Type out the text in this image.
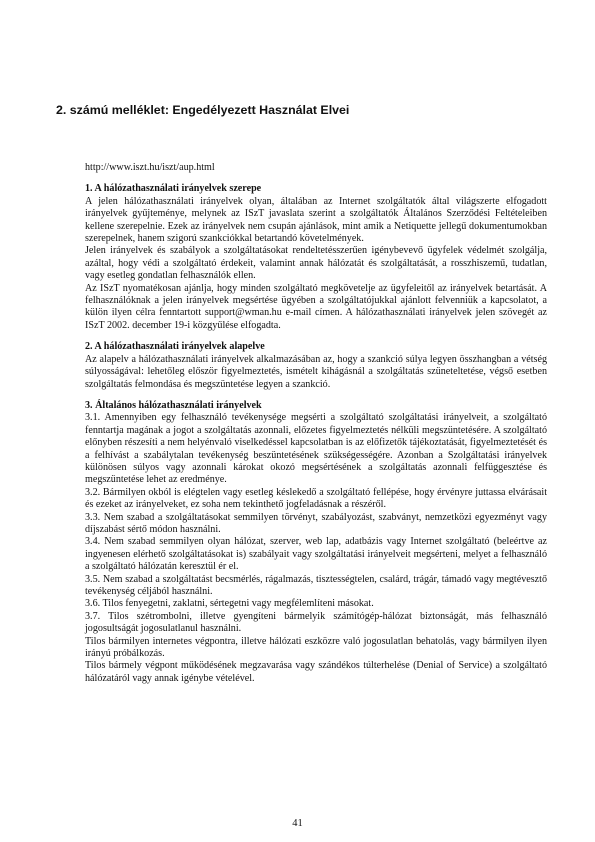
2. számú melléklet: Engedélyezett Használat Elvei

http://www.iszt.hu/iszt/aup.html

1. A hálózathasználati irányelvek szerepe

A jelen hálózathasználati irányelvek olyan, általában az Internet szolgáltatók által világszerte elfogadott irányelvek gyűjteménye, melynek az ISzT javaslata szerint a szolgáltatók Általános Szerződési Feltételeiben kellene szerepelnie. Ezek az irányelvek nem csupán ajánlások, mint amik a Netiquette jellegű dokumentumokban szerepelnek, hanem szigorú szankciókkal betartandó követelmények.

Jelen irányelvek és szabályok a szolgáltatásokat rendeltetésszerűen igénybevevő ügyfelek védelmét szolgálja, azáltal, hogy védi a szolgáltató érdekeit, valamint annak hálózatát és szolgáltatását, a rosszhiszemű, tudatlan, vagy esetleg gondatlan felhasználók ellen.

Az ISzT nyomatékosan ajánlja, hogy minden szolgáltató megkövetelje az ügyfeleitől az irányelvek betartását. A felhasználóknak a jelen irányelvek megsértése ügyében a szolgáltatójukkal ajánlott felvenniük a kapcsolatot, a külön ilyen célra fenntartott support@wman.hu e-mail címen. A hálózathasználati irányelvek jelen szövegét az ISzT 2002. december 19-i közgyűlése elfogadta.

2. A hálózathasználati irányelvek alapelve

Az alapelv a hálózathasználati irányelvek alkalmazásában az, hogy a szankció súlya legyen összhangban a vétség súlyosságával: lehetőleg először figyelmeztetés, ismételt kihágásnál a szolgáltatás szüneteltetése, végső esetben szolgáltatás felmondása és megszüntetése legyen a szankció.

3. Általános hálózathasználati irányelvek

3.1. Amennyiben egy felhasználó tevékenysége megsérti a szolgáltató szolgáltatási irányelveit, a szolgáltató fenntartja magának a jogot a szolgáltatás azonnali, előzetes figyelmeztetés nélküli megszüntetésére. A szolgáltató előnyben részesíti a nem helyénvaló viselkedéssel kapcsolatban is az előfizetők tájékoztatását, figyelmeztetését és a felhívást a szabálytalan tevékenység beszüntetésének szükségességére. Azonban a Szolgáltatási irányelvek különösen súlyos vagy azonnali károkat okozó megsértésének a szolgáltatás azonnali felfüggesztése és megszüntetése lehet az eredménye.

3.2. Bármilyen okból is elégtelen vagy esetleg késlekedő a szolgáltató fellépése, hogy érvényre juttassa elvárásait és ezeket az irányelveket, ez soha nem tekinthető jogfeladásnak a részéről.

3.3. Nem szabad a szolgáltatásokat semmilyen törvényt, szabályozást, szabványt, nemzetközi egyezményt vagy díjszabást sértő módon használni.

3.4. Nem szabad semmilyen olyan hálózat, szerver, web lap, adatbázis vagy Internet szolgáltató (beleértve az ingyenesen elérhető szolgáltatásokat is) szabályait vagy szolgáltatási irányelveit megsérteni, melyet a felhasználó a szolgáltató hálózatán keresztül ér el.

3.5. Nem szabad a szolgáltatást becsmérlés, rágalmazás, tisztességtelen, csalárd, trágár, támadó vagy megtévesztő tevékenység céljából használni.

3.6. Tilos fenyegetni, zaklatni, sértegetni vagy megfélemlíteni másokat.

3.7. Tilos szétrombolni, illetve gyengíteni bármelyik számítógép-hálózat biztonságát, más felhasználó jogosultságát jogosulatlanul használni.

Tilos bármilyen internetes végpontra, illetve hálózati eszközre való jogosulatlan behatolás, vagy bármilyen ilyen irányú próbálkozás.

Tilos bármely végpont működésének megzavarása vagy szándékos túlterhelése (Denial of Service) a szolgáltató hálózatáról vagy annak igénybe vételével.

41
